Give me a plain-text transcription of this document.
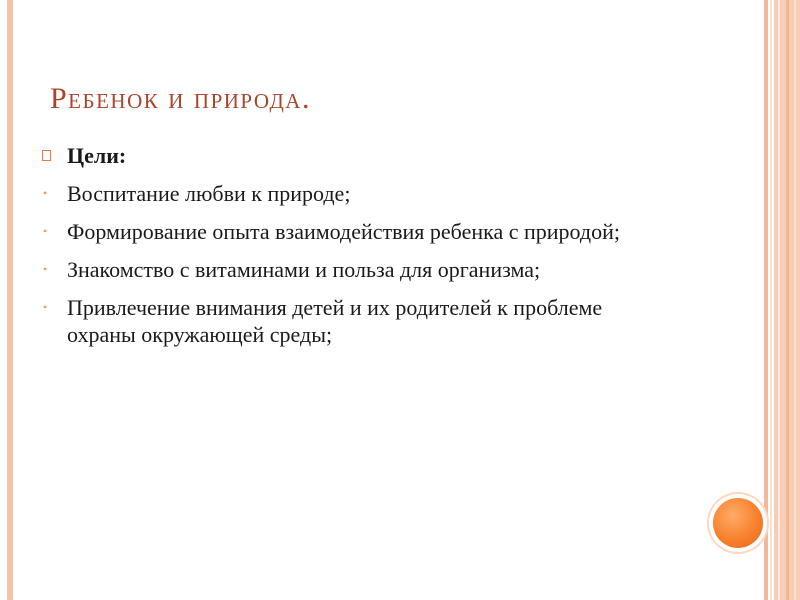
Ребенок и природа.
Цели:
• Воспитание любви к природе;
• Формирование опыта взаимодействия ребенка с природой;
• Знакомство с витаминами и польза для организма;
• Привлечение внимания детей и их родителей к проблеме охраны окружающей среды;
